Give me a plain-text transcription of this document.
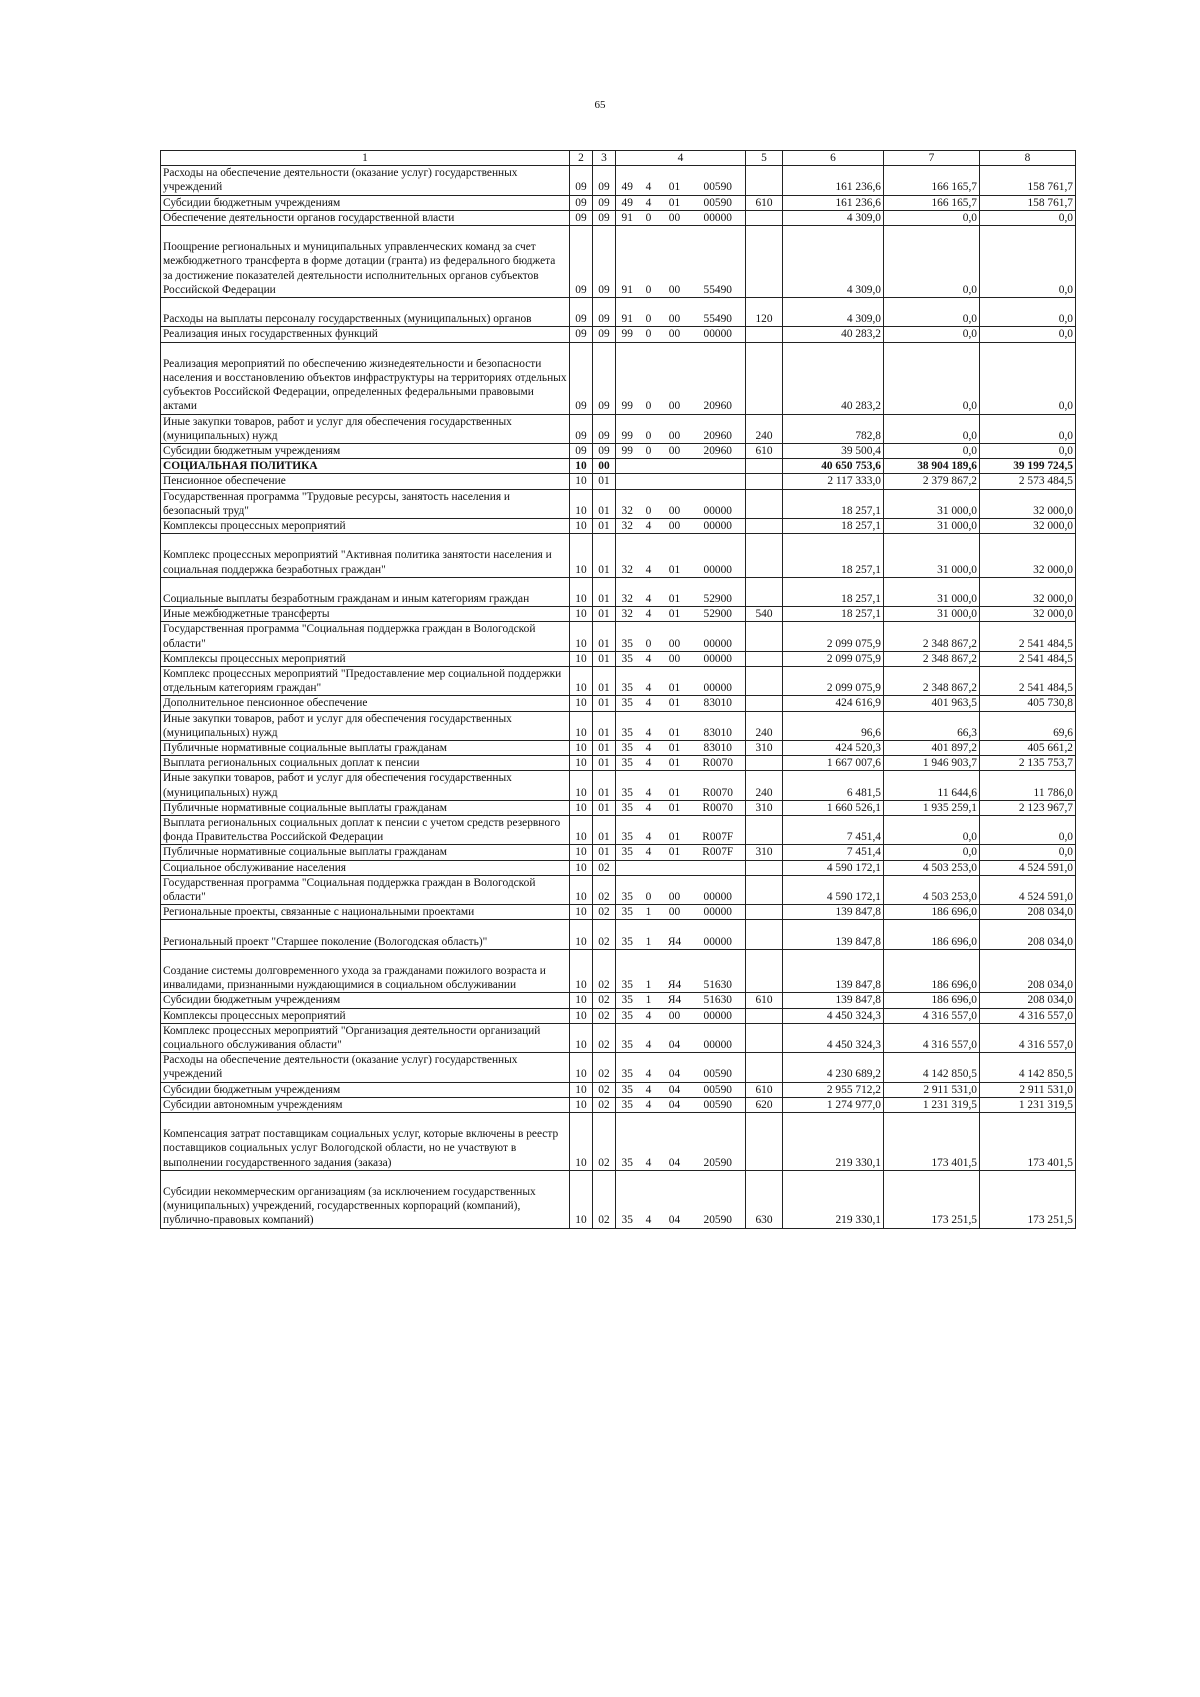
65
1	2	3	4				5	6	7	8
Расходы на обеспечение деятельности (оказание услуг) государственных учреждений	09	09	49	4	01	00590		161 236,6	166 165,7	158 761,7
Субсидии бюджетным учреждениям	09	09	49	4	01	00590	610	161 236,6	166 165,7	158 761,7
Обеспечение деятельности органов государственной власти	09	09	91	0	00	00000		4 309,0	0,0	0,0
Поощрение региональных и муниципальных управленческих команд за счет межбюджетного трансферта в форме дотации (гранта) из федерального бюджета за достижение показателей деятельности исполнительных органов субъектов Российской Федерации	09	09	91	0	00	55490		4 309,0	0,0	0,0
Расходы на выплаты персоналу государственных (муниципальных) органов	09	09	91	0	00	55490	120	4 309,0	0,0	0,0
Реализация иных государственных функций	09	09	99	0	00	00000		40 283,2	0,0	0,0
Реализация мероприятий по обеспечению жизнедеятельности и безопасности населения и восстановлению объектов инфраструктуры на территориях отдельных субъектов Российской Федерации, определенных федеральными правовыми актами	09	09	99	0	00	20960		40 283,2	0,0	0,0
Иные закупки товаров, работ и услуг для обеспечения государственных (муниципальных) нужд	09	09	99	0	00	20960	240	782,8	0,0	0,0
Субсидии бюджетным учреждениям	09	09	99	0	00	20960	610	39 500,4	0,0	0,0
СОЦИАЛЬНАЯ ПОЛИТИКА	10	00						40 650 753,6	38 904 189,6	39 199 724,5
Пенсионное обеспечение	10	01						2 117 333,0	2 379 867,2	2 573 484,5
Государственная программа "Трудовые ресурсы, занятость населения и безопасный труд"	10	01	32	0	00	00000		18 257,1	31 000,0	32 000,0
Комплексы процессных мероприятий	10	01	32	4	00	00000		18 257,1	31 000,0	32 000,0
Комплекс процессных мероприятий "Активная политика занятости населения и социальная поддержка безработных граждан"	10	01	32	4	01	00000		18 257,1	31 000,0	32 000,0
Социальные выплаты безработным гражданам и иным категориям граждан	10	01	32	4	01	52900		18 257,1	31 000,0	32 000,0
Иные межбюджетные трансферты	10	01	32	4	01	52900	540	18 257,1	31 000,0	32 000,0
Государственная программа "Социальная поддержка граждан в Вологодской области"	10	01	35	0	00	00000		2 099 075,9	2 348 867,2	2 541 484,5
Комплексы процессных мероприятий	10	01	35	4	00	00000		2 099 075,9	2 348 867,2	2 541 484,5
Комплекс процессных мероприятий "Предоставление мер социальной поддержки отдельным категориям граждан"	10	01	35	4	01	00000		2 099 075,9	2 348 867,2	2 541 484,5
Дополнительное пенсионное обеспечение	10	01	35	4	01	83010		424 616,9	401 963,5	405 730,8
Иные закупки товаров, работ и услуг для обеспечения государственных (муниципальных) нужд	10	01	35	4	01	83010	240	96,6	66,3	69,6
Публичные нормативные социальные выплаты гражданам	10	01	35	4	01	83010	310	424 520,3	401 897,2	405 661,2
Выплата региональных социальных доплат к пенсии	10	01	35	4	01	R0070		1 667 007,6	1 946 903,7	2 135 753,7
Иные закупки товаров, работ и услуг для обеспечения государственных (муниципальных) нужд	10	01	35	4	01	R0070	240	6 481,5	11 644,6	11 786,0
Публичные нормативные социальные выплаты гражданам	10	01	35	4	01	R0070	310	1 660 526,1	1 935 259,1	2 123 967,7
Выплата региональных социальных доплат к пенсии с учетом средств резервного фонда Правительства Российской Федерации	10	01	35	4	01	R007F		7 451,4	0,0	0,0
Публичные нормативные социальные выплаты гражданам	10	01	35	4	01	R007F	310	7 451,4	0,0	0,0
Социальное обслуживание населения	10	02						4 590 172,1	4 503 253,0	4 524 591,0
Государственная программа "Социальная поддержка граждан в Вологодской области"	10	02	35	0	00	00000		4 590 172,1	4 503 253,0	4 524 591,0
Региональные проекты, связанные с национальными проектами	10	02	35	1	00	00000		139 847,8	186 696,0	208 034,0
Региональный проект "Старшее поколение (Вологодская область)"	10	02	35	1	Я4	00000		139 847,8	186 696,0	208 034,0
Создание системы долговременного ухода за гражданами пожилого возраста и инвалидами, признанными нуждающимися в социальном обслуживании	10	02	35	1	Я4	51630		139 847,8	186 696,0	208 034,0
Субсидии бюджетным учреждениям	10	02	35	1	Я4	51630	610	139 847,8	186 696,0	208 034,0
Комплексы процессных мероприятий	10	02	35	4	00	00000		4 450 324,3	4 316 557,0	4 316 557,0
Комплекс процессных мероприятий "Организация деятельности организаций социального обслуживания области"	10	02	35	4	04	00000		4 450 324,3	4 316 557,0	4 316 557,0
Расходы на обеспечение деятельности (оказание услуг) государственных учреждений	10	02	35	4	04	00590		4 230 689,2	4 142 850,5	4 142 850,5
Субсидии бюджетным учреждениям	10	02	35	4	04	00590	610	2 955 712,2	2 911 531,0	2 911 531,0
Субсидии автономным учреждениям	10	02	35	4	04	00590	620	1 274 977,0	1 231 319,5	1 231 319,5
Компенсация затрат поставщикам социальных услуг, которые включены в реестр поставщиков социальных услуг Вологодской области, но не участвуют в выполнении государственного задания (заказа)	10	02	35	4	04	20590		219 330,1	173 401,5	173 401,5
Субсидии некоммерческим организациям (за исключением государственных (муниципальных) учреждений, государственных корпораций (компаний), публично-правовых компаний)	10	02	35	4	04	20590	630	219 330,1	173 251,5	173 251,5
